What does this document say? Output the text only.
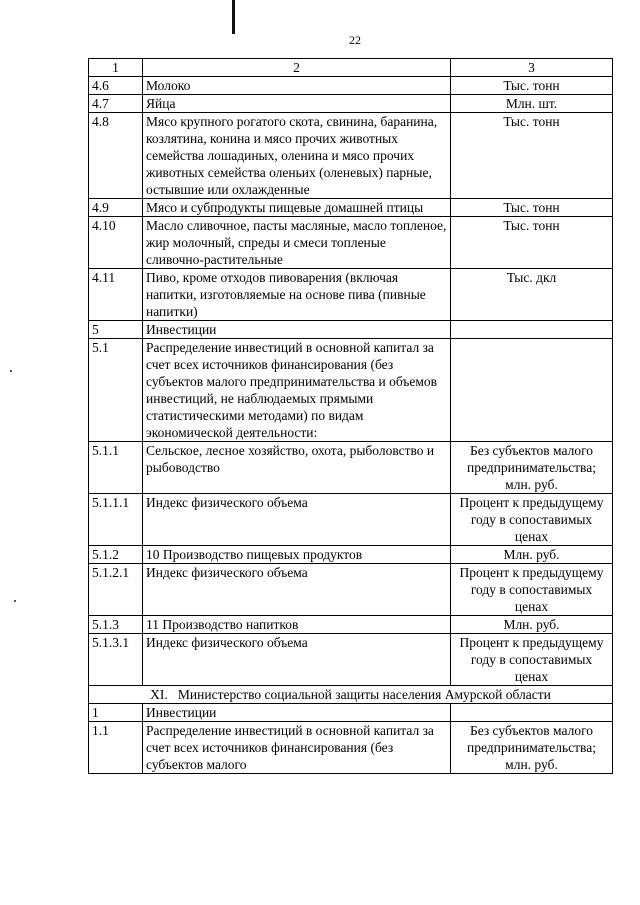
22
1	2	3
4.6	Молоко	Тыс. тонн
4.7	Яйца	Млн. шт.
4.8	Мясо крупного рогатого скота, свинина, баранина, козлятина, конина и мясо прочих животных семейства лошадиных, оленина и мясо прочих животных семейства оленьих (оленевых) парные, остывшие или охлажденные	Тыс. тонн
4.9	Мясо и субпродукты пищевые домашней птицы	Тыс. тонн
4.10	Масло сливочное, пасты масляные, масло топленое, жир молочный, спреды и смеси топленые сливочно-растительные	Тыс. тонн
4.11	Пиво, кроме отходов пивоварения (включая напитки, изготовляемые на основе пива (пивные напитки)	Тыс. дкл
5	Инвестиции	
5.1	Распределение инвестиций в основной капитал за счет всех источников финансирования (без субъектов малого предпринимательства и объемов инвестиций, не наблюдаемых прямыми статистическими методами) по видам экономической деятельности:	
5.1.1	Сельское, лесное хозяйство, охота, рыболовство и рыбоводство	Без субъектов малого предпринимательства; млн. руб.
5.1.1.1	Индекс физического объема	Процент к предыдущему году в сопоставимых ценах
5.1.2	10 Производство пищевых продуктов	Млн. руб.
5.1.2.1	Индекс физического объема	Процент к предыдущему году в сопоставимых ценах
5.1.3	11 Производство напитков	Млн. руб.
5.1.3.1	Индекс физического объема	Процент к предыдущему году в сопоставимых ценах
XI. Министерство социальной защиты населения Амурской области		
1	Инвестиции	
1.1	Распределение инвестиций в основной капитал за счет всех источников финансирования (без субъектов малого	Без субъектов малого предпринимательства; млн. руб.
